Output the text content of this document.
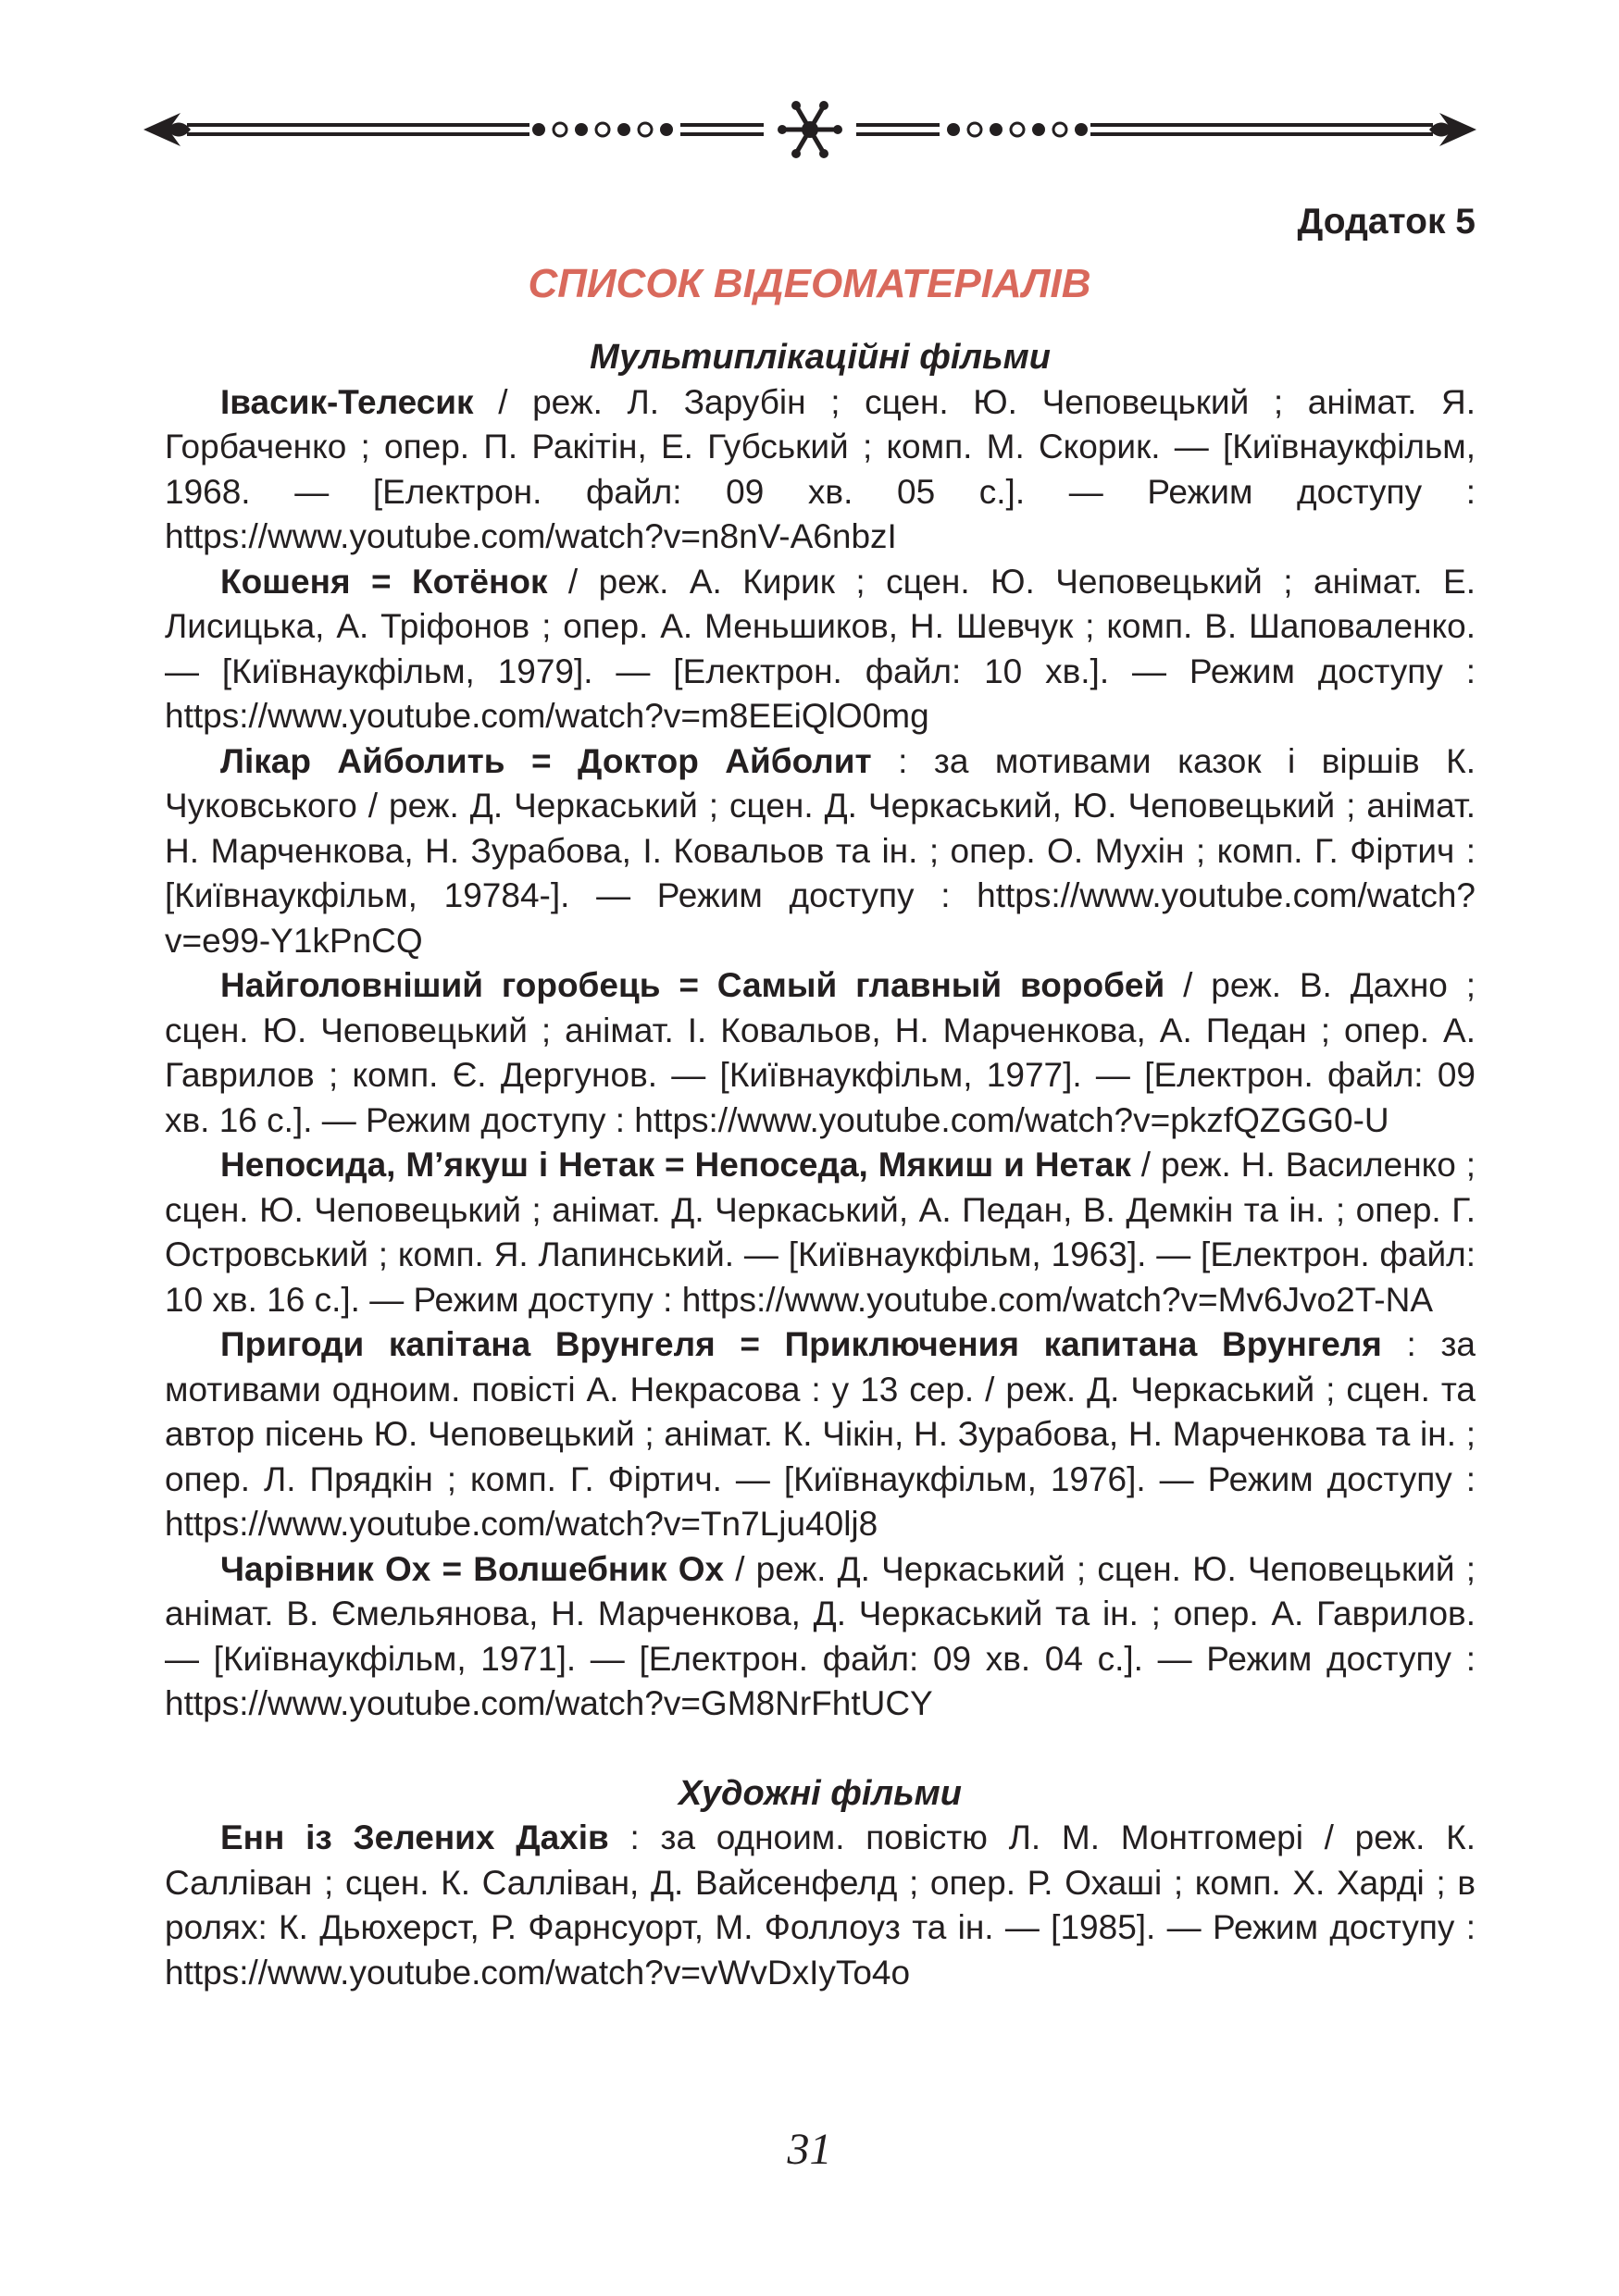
Додаток 5
СПИСОК ВІДЕОМАТЕРІАЛІВ

Мультиплікаційні фільми

Івасик-Телесик / реж. Л. Зарубін ; сцен. Ю. Чеповецький ; анімат. Я. Горбаченко ; опер. П. Ракітін, Е. Губський ; комп. М. Скорик. — [Київнаукфільм, 1968. — [Електрон. файл: 09 хв. 05 с.]. — Режим доступу : https://www.youtube.com/watch?v=n8nV-A6nbzI

Кошеня = Котёнок / реж. А. Кирик ; сцен. Ю. Чеповецький ; анімат. Е. Лисицька, А. Тріфонов ; опер. А. Меньшиков, Н. Шевчук ; комп. В. Шаповаленко. — [Київнаукфільм, 1979]. — [Електрон. файл: 10 хв.]. — Режим доступу : https://www.youtube.com/watch?v=m8EEiQlO0mg

Лікар Айболить = Доктор Айболит : за мотивами казок і віршів К. Чуковського / реж. Д. Черкаський ; сцен. Д. Черкаський, Ю. Чеповецький ; анімат. Н. Марченкова, Н. Зурабова, І. Ковальов та ін. ; опер. О. Мухін ; комп. Г. Фіртич : [Київнаукфільм, 19784-]. — Режим доступу : https://www.youtube.com/watch?v=e99-Y1kPnCQ

Найголовніший горобець = Самый главный воробей / реж. В. Дахно ; сцен. Ю. Чеповецький ; анімат. І. Ковальов, Н. Марченкова, А. Педан ; опер. А. Гаврилов ; комп. Є. Дергунов. — [Київнаукфільм, 1977]. — [Електрон. файл: 09 хв. 16 с.]. — Режим доступу : https://www.youtube.com/watch?v=pkzfQZGG0-U

Непосида, М’якуш і Нетак = Непоседа, Мякиш и Нетак / реж. Н. Василенко ; сцен. Ю. Чеповецький ; анімат. Д. Черкаський, А. Педан, В. Демкін та ін. ; опер. Г. Островський ; комп. Я. Лапинський. — [Київнаукфільм, 1963]. — [Електрон. файл: 10 хв. 16 с.]. — Режим доступу : https://www.youtube.com/watch?v=Mv6Jvo2T-NA

Пригоди капітана Врунгеля = Приключения капитана Врунгеля : за мотивами одноим. повісті А. Некрасова : у 13 сер. / реж. Д. Черкаський ; сцен. та автор пісень Ю. Чеповецький ; анімат. К. Чікін, Н. Зурабова, Н. Марченкова та ін. ; опер. Л. Прядкін ; комп. Г. Фіртич. — [Київнаукфільм, 1976]. — Режим доступу : https://www.youtube.com/watch?v=Tn7Lju40lj8

Чарівник Ох = Волшебник Ох / реж. Д. Черкаський ; сцен. Ю. Чеповецький ; анімат. В. Ємельянова, Н. Марченкова, Д. Черкаський та ін. ; опер. А. Гаврилов. — [Київнаукфільм, 1971]. — [Електрон. файл: 09 хв. 04 с.]. — Режим доступу : https://www.youtube.com/watch?v=GM8NrFhtUCY

Художні фільми

Енн із Зелених Дахів : за одноим. повістю Л. М. Монтгомері / реж. К. Салліван ; сцен. К. Салліван, Д. Вайсенфелд ; опер. Р. Охаші ; комп. Х. Харді ; в ролях: К. Дьюхерст, Р. Фарнсуорт, М. Фоллоуз та ін. — [1985]. — Режим доступу : https://www.youtube.com/watch?v=vWvDxIyTo4o

31
